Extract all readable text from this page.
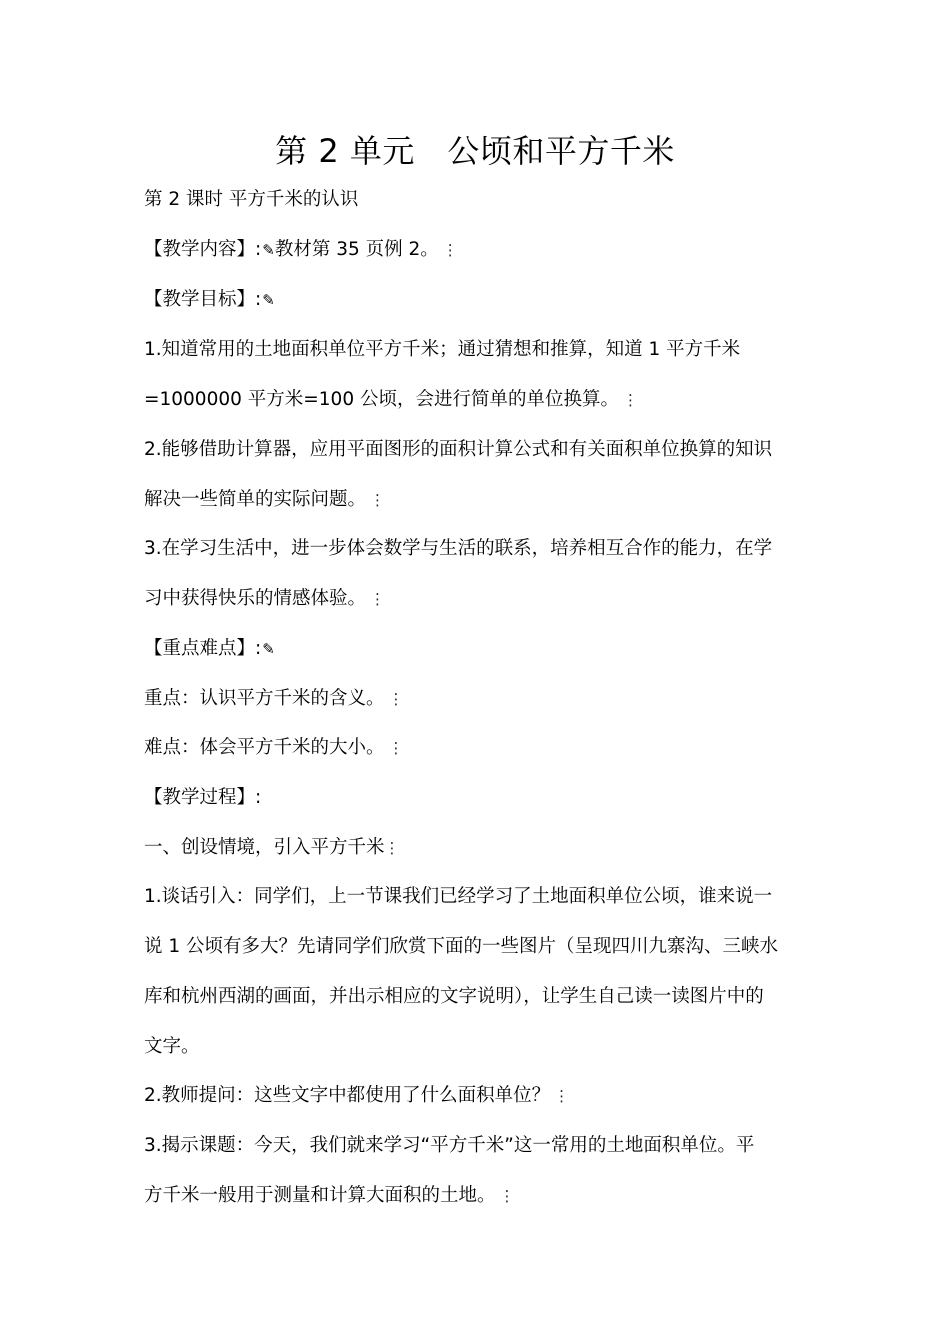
第 2 单元　公顷和平方千米
第 2 课时 平方千米的认识
【教学内容】:✎教材第 35 页例 2。 ⋮
【教学目标】:✎
1.知道常用的土地面积单位平方千米；通过猜想和推算，知道 1 平方千米
=1000000 平方米=100 公顷，会进行简单的单位换算。 ⋮
2.能够借助计算器，应用平面图形的面积计算公式和有关面积单位换算的知识
解决一些简单的实际问题。 ⋮
3.在学习生活中，进一步体会数学与生活的联系，培养相互合作的能力，在学
习中获得快乐的情感体验。 ⋮
【重点难点】:✎
重点：认识平方千米的含义。 ⋮
难点：体会平方千米的大小。 ⋮
【教学过程】:
一、创设情境，引入平方千米⋮
1.谈话引入：同学们，上一节课我们已经学习了土地面积单位公顷，谁来说一
说 1 公顷有多大？先请同学们欣赏下面的一些图片（呈现四川九寨沟、三峡水
库和杭州西湖的画面，并出示相应的文字说明），让学生自己读一读图片中的
文字。
2.教师提问：这些文字中都使用了什么面积单位？ ⋮
3.揭示课题：今天，我们就来学习“平方千米”这一常用的土地面积单位。平
方千米一般用于测量和计算大面积的土地。 ⋮
